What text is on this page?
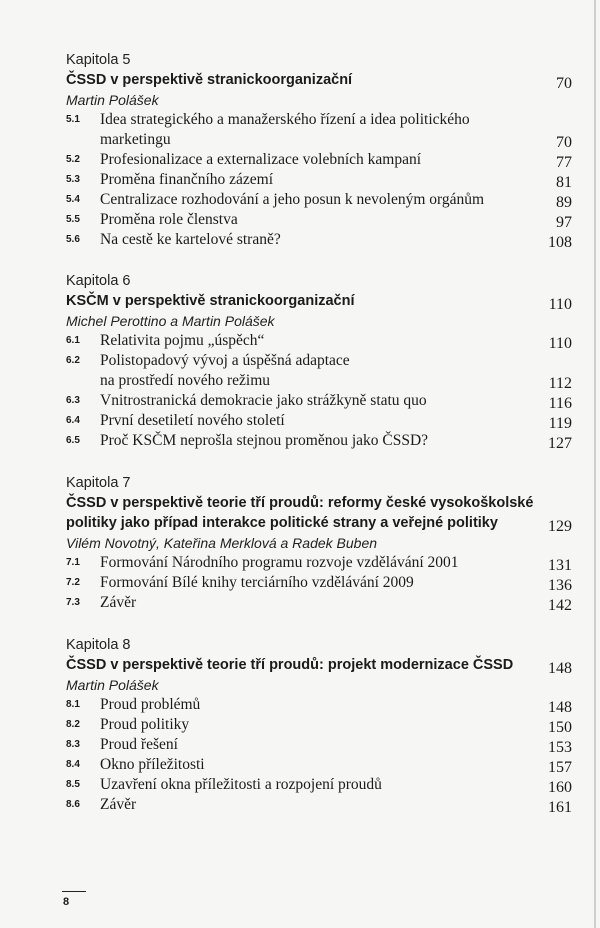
Kapitola 5
ČSSD v perspektivě stranickoorganizační	70
Martin Polášek
5.1 Idea strategického a manažerského řízení a idea politického
marketingu	70
5.2 Profesionalizace a externalizace volebních kampaní	77
5.3 Proměna finančního zázemí	81
5.4 Centralizace rozhodování a jeho posun k nevoleným orgánům	89
5.5 Proměna role členstva	97
5.6 Na cestě ke kartelové straně?	108
Kapitola 6
KSČM v perspektivě stranickoorganizační	110
Michel Perottino a Martin Polášek
6.1 Relativita pojmu „úspěch“	110
6.2 Polistopadový vývoj a úspěšná adaptace
na prostředí nového režimu	112
6.3 Vnitrostranická demokracie jako strážkyně statu quo	116
6.4 První desetiletí nového století	119
6.5 Proč KSČM neprošla stejnou proměnou jako ČSSD?	127
Kapitola 7
ČSSD v perspektivě teorie tří proudů: reformy české vysokoškolské
politiky jako případ interakce politické strany a veřejné politiky	129
Vilém Novotný, Kateřina Merklová a Radek Buben
7.1 Formování Národního programu rozvoje vzdělávání 2001	131
7.2 Formování Bílé knihy terciárního vzdělávání 2009	136
7.3 Závěr	142
Kapitola 8
ČSSD v perspektivě teorie tří proudů: projekt modernizace ČSSD 148
Martin Polášek
8.1 Proud problémů	148
8.2 Proud politiky	150
8.3 Proud řešení	153
8.4 Okno příležitosti	157
8.5 Uzavření okna příležitosti a rozpojení proudů	160
8.6 Závěr	161
8
